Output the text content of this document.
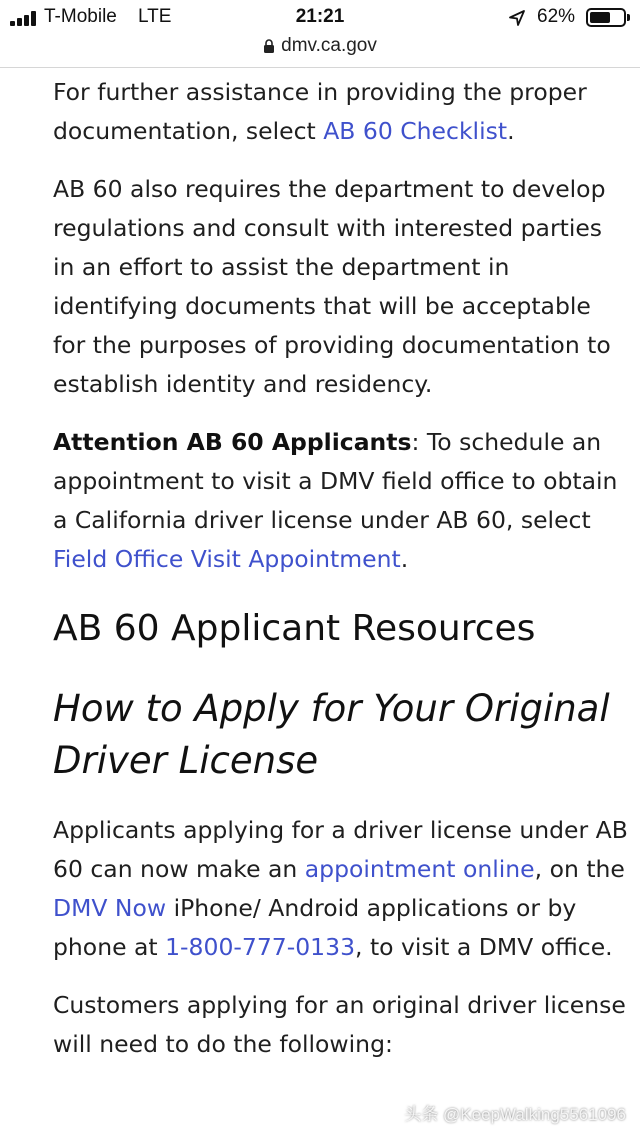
T-Mobile LTE	21:21	62%
dmv.ca.gov

For further assistance in providing the proper documentation, select AB 60 Checklist.

AB 60 also requires the department to develop regulations and consult with interested parties in an effort to assist the department in identifying documents that will be acceptable for the purposes of providing documentation to establish identity and residency.

Attention AB 60 Applicants: To schedule an appointment to visit a DMV field office to obtain a California driver license under AB 60, select Field Office Visit Appointment.

AB 60 Applicant Resources
How to Apply for Your Original Driver License

Applicants applying for a driver license under AB 60 can now make an appointment online, on the DMV Now iPhone/ Android applications or by phone at 1-800-777-0133, to visit a DMV office.

Customers applying for an original driver license will need to do the following:

头条 @KeepWalking5561096
